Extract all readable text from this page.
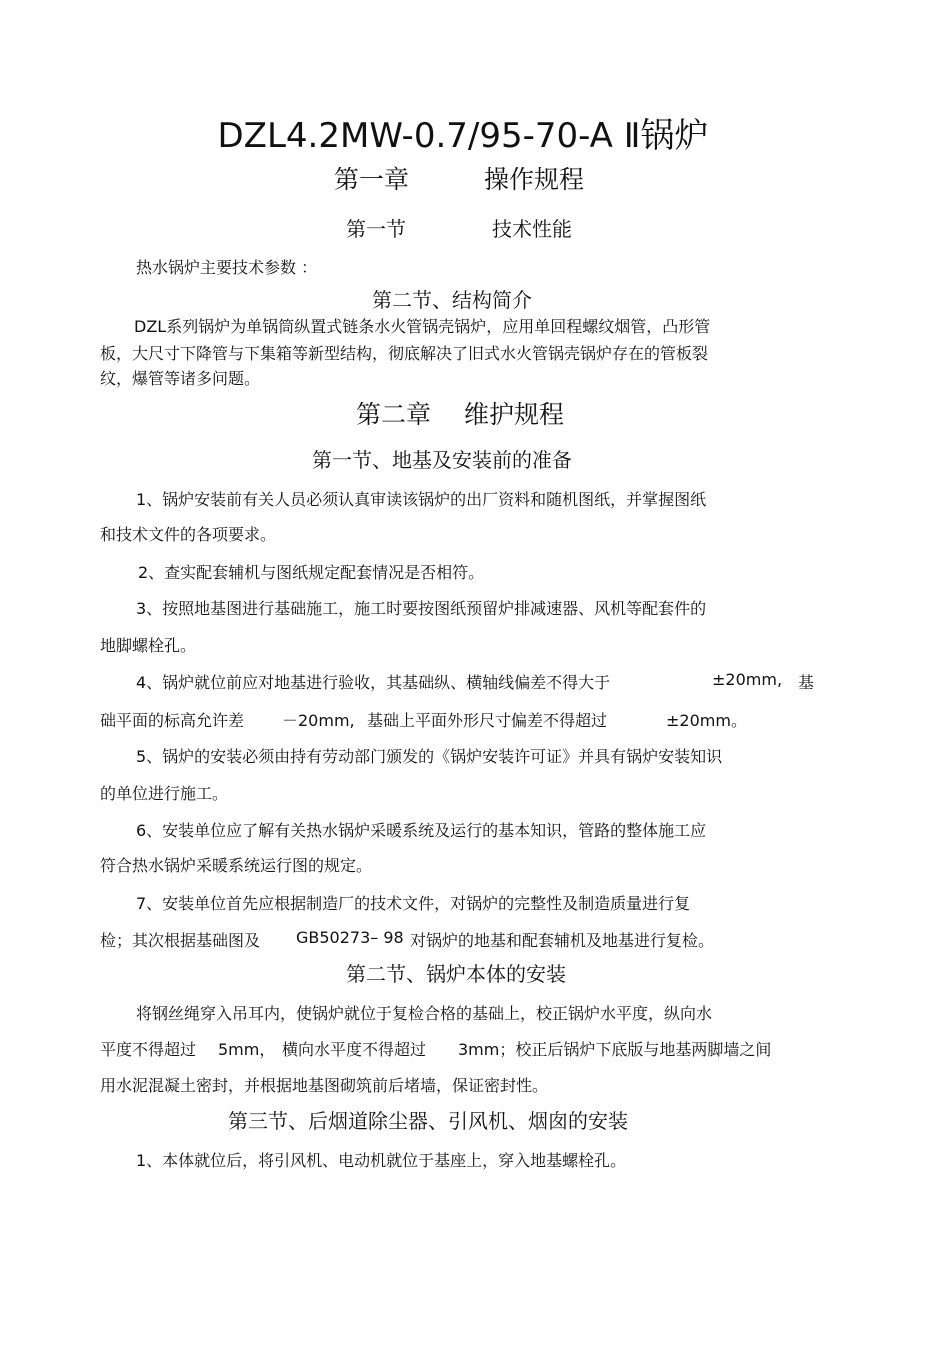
DZL4.2MW-0.7/95-70-A Ⅱ锅炉
第一章	操作规程
第一节	技术性能
热水锅炉主要技术参数 ：
第二节、结构简介
DZL系列锅炉为单锅筒纵置式链条水火管锅壳锅炉，应用单回程螺纹烟管，凸形管
板，大尺寸下降管与下集箱等新型结构，彻底解决了旧式水火管锅壳锅炉存在的管板裂
纹，爆管等诸多问题。
第二章 维护规程
第一节、地基及安装前的准备
1、锅炉安装前有关人员必须认真审读该锅炉的出厂资料和随机图纸，并掌握图纸
和技术文件的各项要求。
2、查实配套辅机与图纸规定配套情况是否相符。
3、按照地基图进行基础施工，施工时要按图纸预留炉排减速器、风机等配套件的
地脚螺栓孔。
4、锅炉就位前应对地基进行验收，其基础纵、横轴线偏差不得大于	±20mm, 基
础平面的标高允许差 －20mm, 基础上平面外形尺寸偏差不得超过	±20mm。
5、锅炉的安装必须由持有劳动部门颁发的《锅炉安装许可证》并具有锅炉安装知识
的单位进行施工。
6、安装单位应了解有关热水锅炉采暖系统及运行的基本知识，管路的整体施工应
符合热水锅炉采暖系统运行图的规定。
7、安装单位首先应根据制造厂的技术文件，对锅炉的完整性及制造质量进行复
检；其次根据基础图及 GB50273– 98 对锅炉的地基和配套辅机及地基进行复检。
第二节、锅炉本体的安装
将钢丝绳穿入吊耳内，使锅炉就位于复检合格的基础上，校正锅炉水平度，纵向水
平度不得超过 5mm， 横向水平度不得超过 3mm；校正后锅炉下底版与地基两脚墙之间
用水泥混凝土密封，并根据地基图砌筑前后堵墙，保证密封性。
第三节、后烟道除尘器、引风机、烟囱的安装
1、本体就位后，将引风机、电动机就位于基座上，穿入地基螺栓孔。
